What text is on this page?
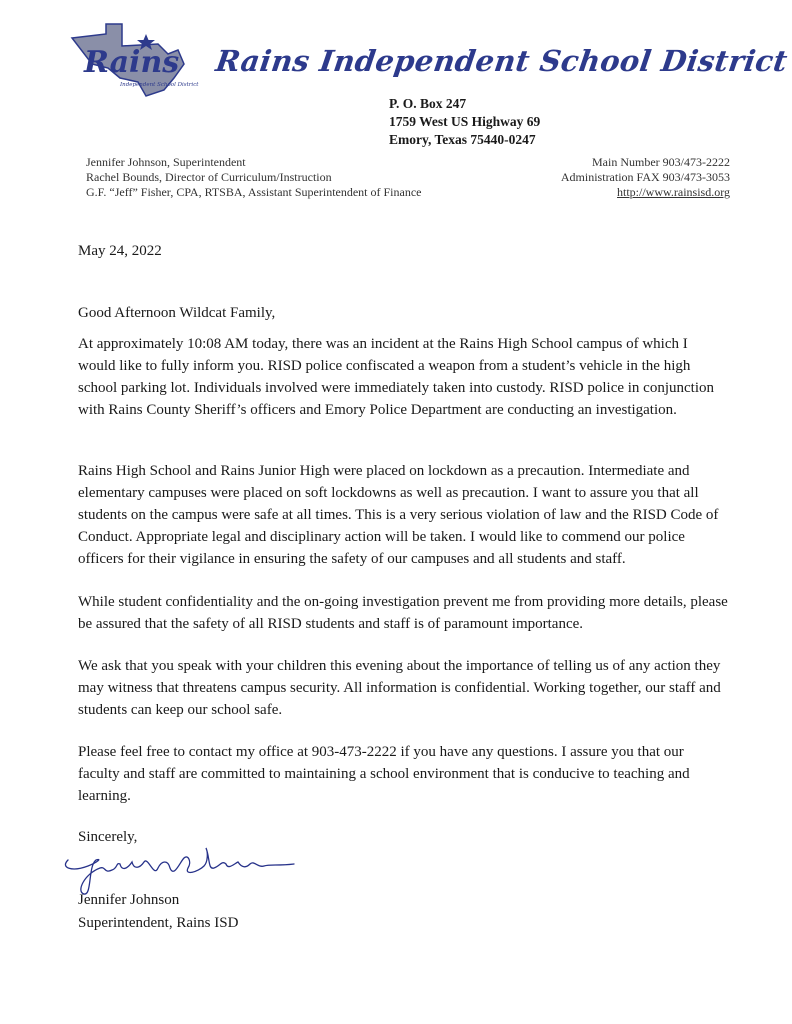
Rains
Independent School District
Rains Independent School District
P. O. Box 247
1759 West US Highway 69
Emory, Texas 75440-0247
Jennifer Johnson, Superintendent
Rachel Bounds, Director of Curriculum/Instruction
G.F. “Jeff” Fisher, CPA, RTSBA, Assistant Superintendent of Finance
Main Number 903/473-2222
Administration FAX 903/473-3053
http://www.rainsisd.org

May 24, 2022

Good Afternoon Wildcat Family,

At approximately 10:08 AM today, there was an incident at the Rains High School campus of which I would like to fully inform you. RISD police confiscated a weapon from a student’s vehicle in the high school parking lot. Individuals involved were immediately taken into custody. RISD police in conjunction with Rains County Sheriff’s officers and Emory Police Department are conducting an investigation.

Rains High School and Rains Junior High were placed on lockdown as a precaution. Intermediate and elementary campuses were placed on soft lockdowns as well as precaution. I want to assure you that all students on the campus were safe at all times. This is a very serious violation of law and the RISD Code of Conduct. Appropriate legal and disciplinary action will be taken. I would like to commend our police officers for their vigilance in ensuring the safety of our campuses and all students and staff.

While student confidentiality and the on-going investigation prevent me from providing more details, please be assured that the safety of all RISD students and staff is of paramount importance.

We ask that you speak with your children this evening about the importance of telling us of any action they may witness that threatens campus security. All information is confidential. Working together, our staff and students can keep our school safe.

Please feel free to contact my office at 903-473-2222 if you have any questions. I assure you that our faculty and staff are committed to maintaining a school environment that is conducive to teaching and learning.

Sincerely,

Jennifer Johnson

Superintendent, Rains ISD
